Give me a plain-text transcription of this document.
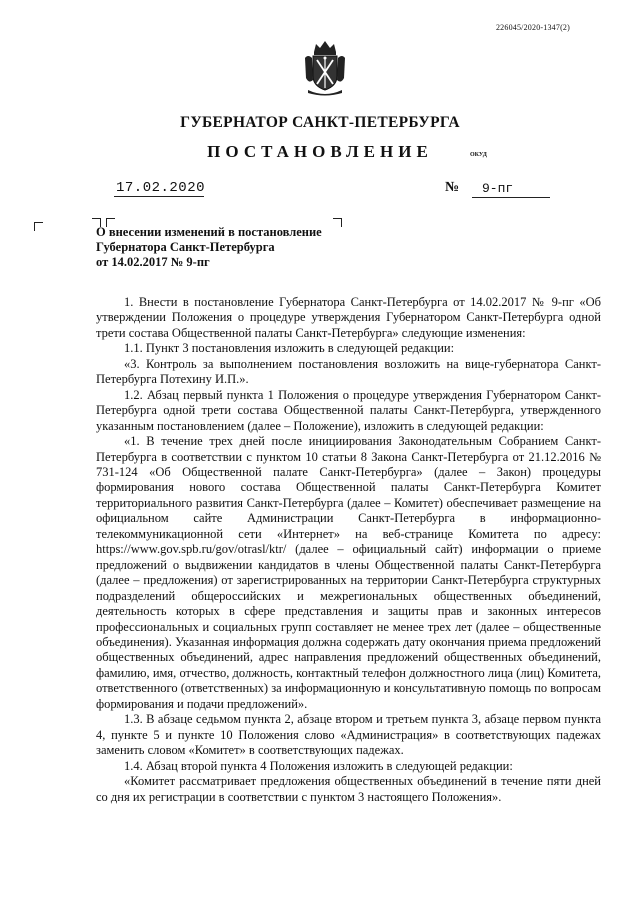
226045/2020-1347(2)
ГУБЕРНАТОР САНКТ-ПЕТЕРБУРГА
ПОСТАНОВЛЕНИЕ	ОКУД
17.02.2020	№	9-пг
О внесении изменений в постановление
Губернатора Санкт-Петербурга
от 14.02.2017 № 9-пг

1. Внести в постановление Губернатора Санкт-Петербурга от 14.02.2017 № 9-пг «Об утверждении Положения о процедуре утверждения Губернатором Санкт-Петербурга одной трети состава Общественной палаты Санкт-Петербурга» следующие изменения:

1.1. Пункт 3 постановления изложить в следующей редакции:

«3. Контроль за выполнением постановления возложить на вице-губернатора Санкт-Петербурга Потехину И.П.».

1.2. Абзац первый пункта 1 Положения о процедуре утверждения Губернатором Санкт-Петербурга одной трети состава Общественной палаты Санкт-Петербурга, утвержденного указанным постановлением (далее – Положение), изложить в следующей редакции:

«1. В течение трех дней после инициирования Законодательным Собранием Санкт-Петербурга в соответствии с пунктом 10 статьи 8 Закона Санкт-Петербурга от 21.12.2016 № 731-124 «Об Общественной палате Санкт-Петербурга» (далее – Закон) процедуры формирования нового состава Общественной палаты Санкт-Петербурга Комитет территориального развития Санкт-Петербурга (далее – Комитет) обеспечивает размещение на официальном сайте Администрации Санкт-Петербурга в информационно-телекоммуникационной сети «Интернет» на веб-странице Комитета по адресу: https://www.gov.spb.ru/gov/otrasl/ktr/ (далее – официальный сайт) информации о приеме предложений о выдвижении кандидатов в члены Общественной палаты Санкт-Петербурга (далее – предложения) от зарегистрированных на территории Санкт-Петербурга структурных подразделений общероссийских и межрегиональных общественных объединений, деятельность которых в сфере представления и защиты прав и законных интересов профессиональных и социальных групп составляет не менее трех лет (далее – общественные объединения). Указанная информация должна содержать дату окончания приема предложений общественных объединений, адрес направления предложений общественных объединений, фамилию, имя, отчество, должность, контактный телефон должностного лица (лиц) Комитета, ответственного (ответственных) за информационную и консультативную помощь по вопросам формирования и подачи предложений».

1.3. В абзаце седьмом пункта 2, абзаце втором и третьем пункта 3, абзаце первом пункта 4, пункте 5 и пункте 10 Положения слово «Администрация» в соответствующих падежах заменить словом «Комитет» в соответствующих падежах.

1.4. Абзац второй пункта 4 Положения изложить в следующей редакции:

«Комитет рассматривает предложения общественных объединений в течение пяти дней со дня их регистрации в соответствии с пунктом 3 настоящего Положения».
